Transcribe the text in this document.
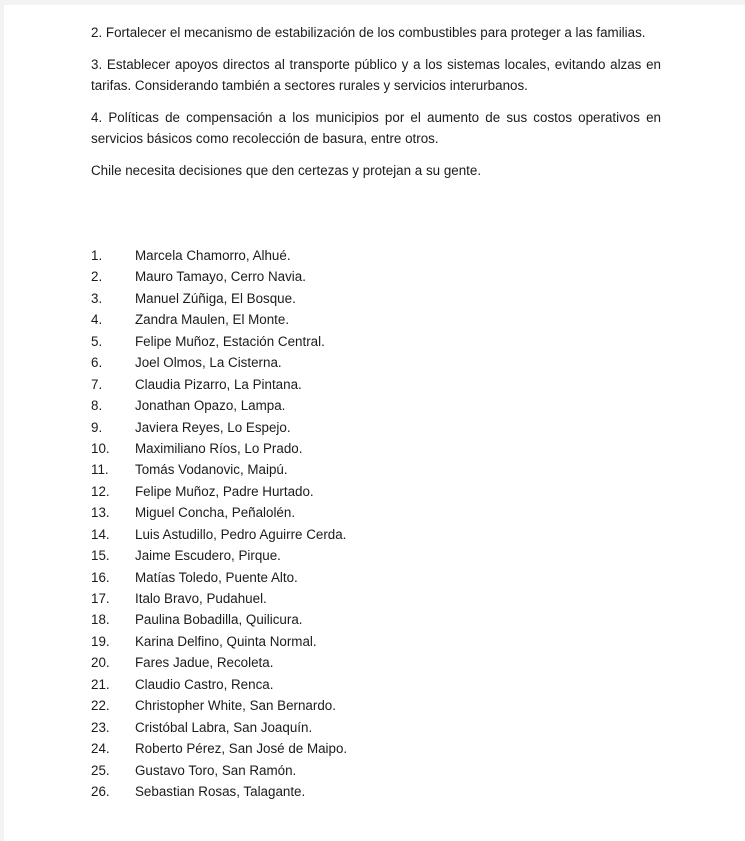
2. Fortalecer el mecanismo de estabilización de los combustibles para proteger a las familias.

3. Establecer apoyos directos al transporte público y a los sistemas locales, evitando alzas en tarifas. Considerando también a sectores rurales y servicios interurbanos.

4. Políticas de compensación a los municipios por el aumento de sus costos operativos en servicios básicos como recolección de basura, entre otros.

Chile necesita decisiones que den certezas y protejan a su gente.

1. Marcela Chamorro, Alhué.
2. Mauro Tamayo, Cerro Navia.
3. Manuel Zúñiga, El Bosque.
4. Zandra Maulen, El Monte.
5. Felipe Muñoz, Estación Central.
6. Joel Olmos, La Cisterna.
7. Claudia Pizarro, La Pintana.
8. Jonathan Opazo, Lampa.
9. Javiera Reyes, Lo Espejo.
10. Maximiliano Ríos, Lo Prado.
11. Tomás Vodanovic, Maipú.
12. Felipe Muñoz, Padre Hurtado.
13. Miguel Concha, Peñalolén.
14. Luis Astudillo, Pedro Aguirre Cerda.
15. Jaime Escudero, Pirque.
16. Matías Toledo, Puente Alto.
17. Italo Bravo, Pudahuel.
18. Paulina Bobadilla, Quilicura.
19. Karina Delfino, Quinta Normal.
20. Fares Jadue, Recoleta.
21. Claudio Castro, Renca.
22. Christopher White, San Bernardo.
23. Cristóbal Labra, San Joaquín.
24. Roberto Pérez, San José de Maipo.
25. Gustavo Toro, San Ramón.
26. Sebastian Rosas, Talagante.
